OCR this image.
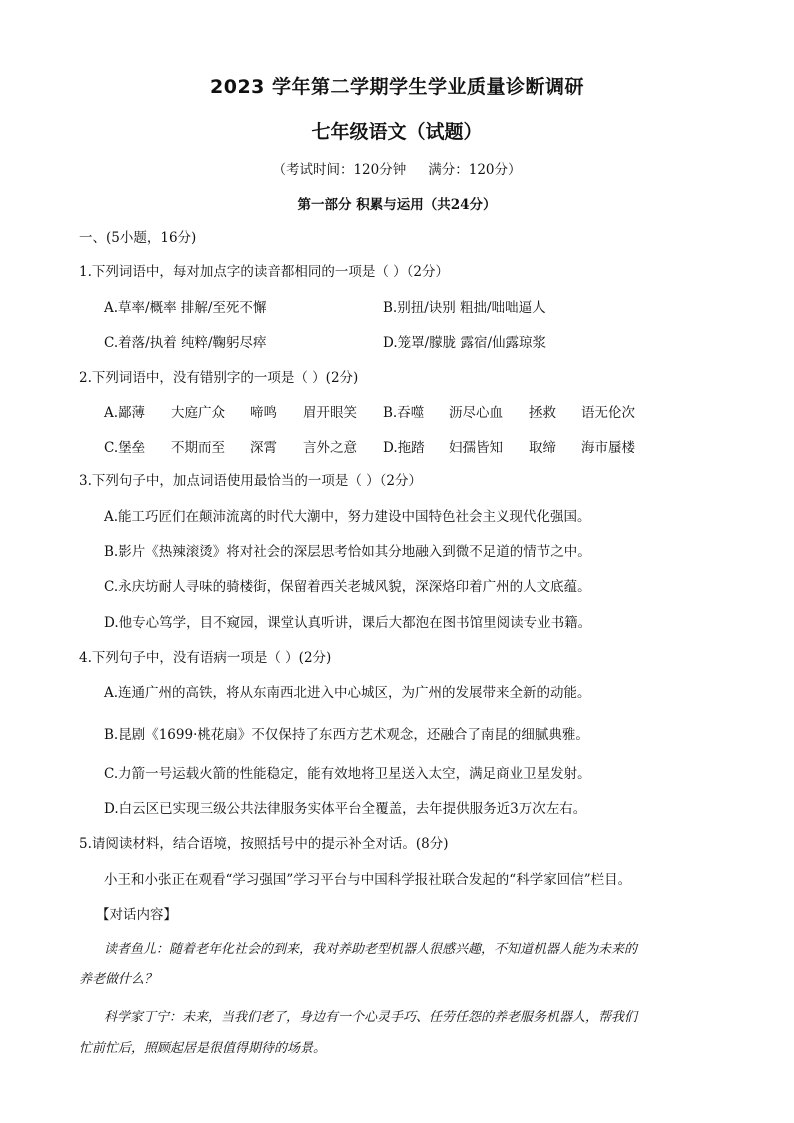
2023 学年第二学期学生学业质量诊断调研
七年级语文（试题）
（考试时间：120分钟 满分：120分）
第一部分 积累与运用（共24分）
一、(5小题，16分)
1.下列词语中，每对加点字的读音都相同的一项是（ ）（2分）
A.草率/概率 排解/至死不懈	B.别扭/诀别 粗拙/咄咄逼人
C.着落/执着 纯粹/鞠躬尽瘁	D.笼罩/朦胧 露宿/仙露琼浆
2.下列词语中，没有错别字的一项是（ ）(2分)
A.鄙薄 大庭广众 啼鸣 眉开眼笑 B.吞噬 沥尽心血 拯救 语无伦次
C.堡垒 不期而至 深霄 言外之意 D.拖踏 妇孺皆知 取缔 海市蜃楼
3.下列句子中，加点词语使用最恰当的一项是（ ）（2分）
A.能工巧匠们在颠沛流离的时代大潮中，努力建设中国特色社会主义现代化强国。
B.影片《热辣滚烫》将对社会的深层思考恰如其分地融入到微不足道的情节之中。
C.永庆坊耐人寻味的骑楼街，保留着西关老城风貌，深深烙印着广州的人文底蕴。
D.他专心笃学，目不窥园，课堂认真听讲，课后大都泡在图书馆里阅读专业书籍。
4.下列句子中，没有语病一项是（ ）(2分)
A.连通广州的高铁，将从东南西北进入中心城区，为广州的发展带来全新的动能。
B.昆剧《1699·桃花扇》不仅保持了东西方艺术观念，还融合了南昆的细腻典雅。
C.力箭一号运载火箭的性能稳定，能有效地将卫星送入太空，满足商业卫星发射。
D.白云区已实现三级公共法律服务实体平台全覆盖，去年提供服务近3万次左右。
5.请阅读材料，结合语境，按照括号中的提示补全对话。(8分)
小王和小张正在观看“学习强国”学习平台与中国科学报社联合发起的“科学家回信”栏目。
【对话内容】
读者鱼儿：随着老年化社会的到来，我对养助老型机器人很感兴趣，不知道机器人能为未来的
养老做什么？
科学家丁宁：未来，当我们老了，身边有一个心灵手巧、任劳任怨的养老服务机器人，帮我们
忙前忙后，照顾起居是很值得期待的场景。
